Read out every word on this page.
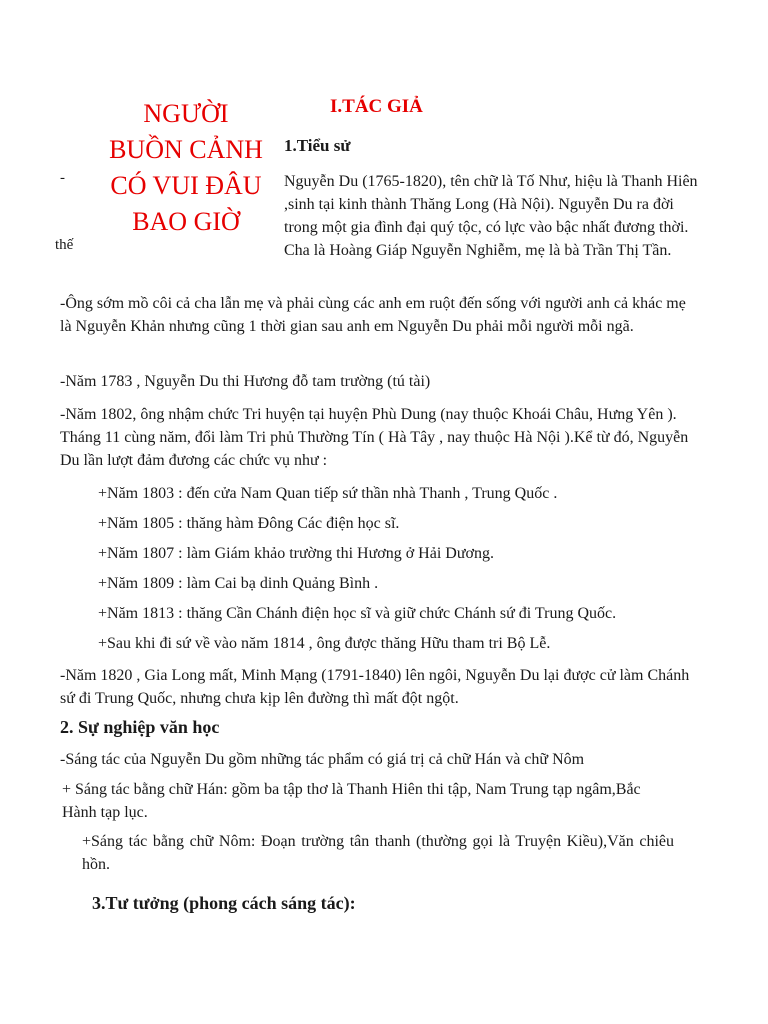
NGƯỜI BUỒN CẢNH CÓ VUI ĐÂU BAO GIỜ
-
thế
I.TÁC GIẢ
1.Tiểu sử
Nguyễn Du (1765-1820), tên chữ là Tố Như, hiệu là Thanh Hiên ,sinh tại kinh thành Thăng Long (Hà Nội). Nguyễn Du ra đời trong một gia đình đại quý tộc, có lực vào bậc nhất đương thời. Cha là Hoàng Giáp Nguyễn Nghiễm, mẹ là bà Trần Thị Tần.
-Ông sớm mồ côi cả cha lẫn mẹ và phải cùng các anh em ruột đến sống với người anh cả khác mẹ là Nguyễn Khản nhưng cũng 1 thời gian sau anh em Nguyễn Du phải mỗi người mỗi ngã.
-Năm 1783 , Nguyễn Du thi Hương đỗ tam trường (tú tài)
-Năm 1802, ông nhậm chức Tri huyện tại huyện Phù Dung (nay thuộc Khoái Châu, Hưng Yên ). Tháng 11 cùng năm, đổi làm Tri phủ Thường Tín ( Hà Tây , nay thuộc Hà Nội ).Kể từ đó, Nguyễn Du lần lượt đảm đương các chức vụ như :
+Năm 1803 : đến cửa Nam Quan tiếp sứ thần nhà Thanh , Trung Quốc .
+Năm 1805 : thăng hàm Đông Các điện học sĩ.
+Năm 1807 : làm Giám khảo trường thi Hương ở Hải Dương.
+Năm 1809 : làm Cai bạ dinh Quảng Bình .
+Năm 1813 : thăng Cần Chánh điện học sĩ và giữ chức Chánh sứ đi Trung Quốc.
+Sau khi đi sứ về vào năm 1814 , ông được thăng Hữu tham tri Bộ Lễ.
-Năm 1820 , Gia Long mất, Minh Mạng (1791-1840) lên ngôi, Nguyễn Du lại được cử làm Chánh sứ đi Trung Quốc, nhưng chưa kịp lên đường thì mất đột ngột.
2. Sự nghiệp văn học
-Sáng tác của Nguyễn Du gồm những tác phẩm có giá trị cả chữ Hán và chữ Nôm
+ Sáng tác bằng chữ Hán: gồm ba tập thơ là Thanh Hiên thi tập, Nam Trung tạp ngâm,Bắc Hành tạp lục.
+Sáng tác bằng chữ Nôm: Đoạn trường tân thanh (thường gọi là Truyện Kiều),Văn chiêu hồn.
3.Tư tưởng (phong cách sáng tác):
